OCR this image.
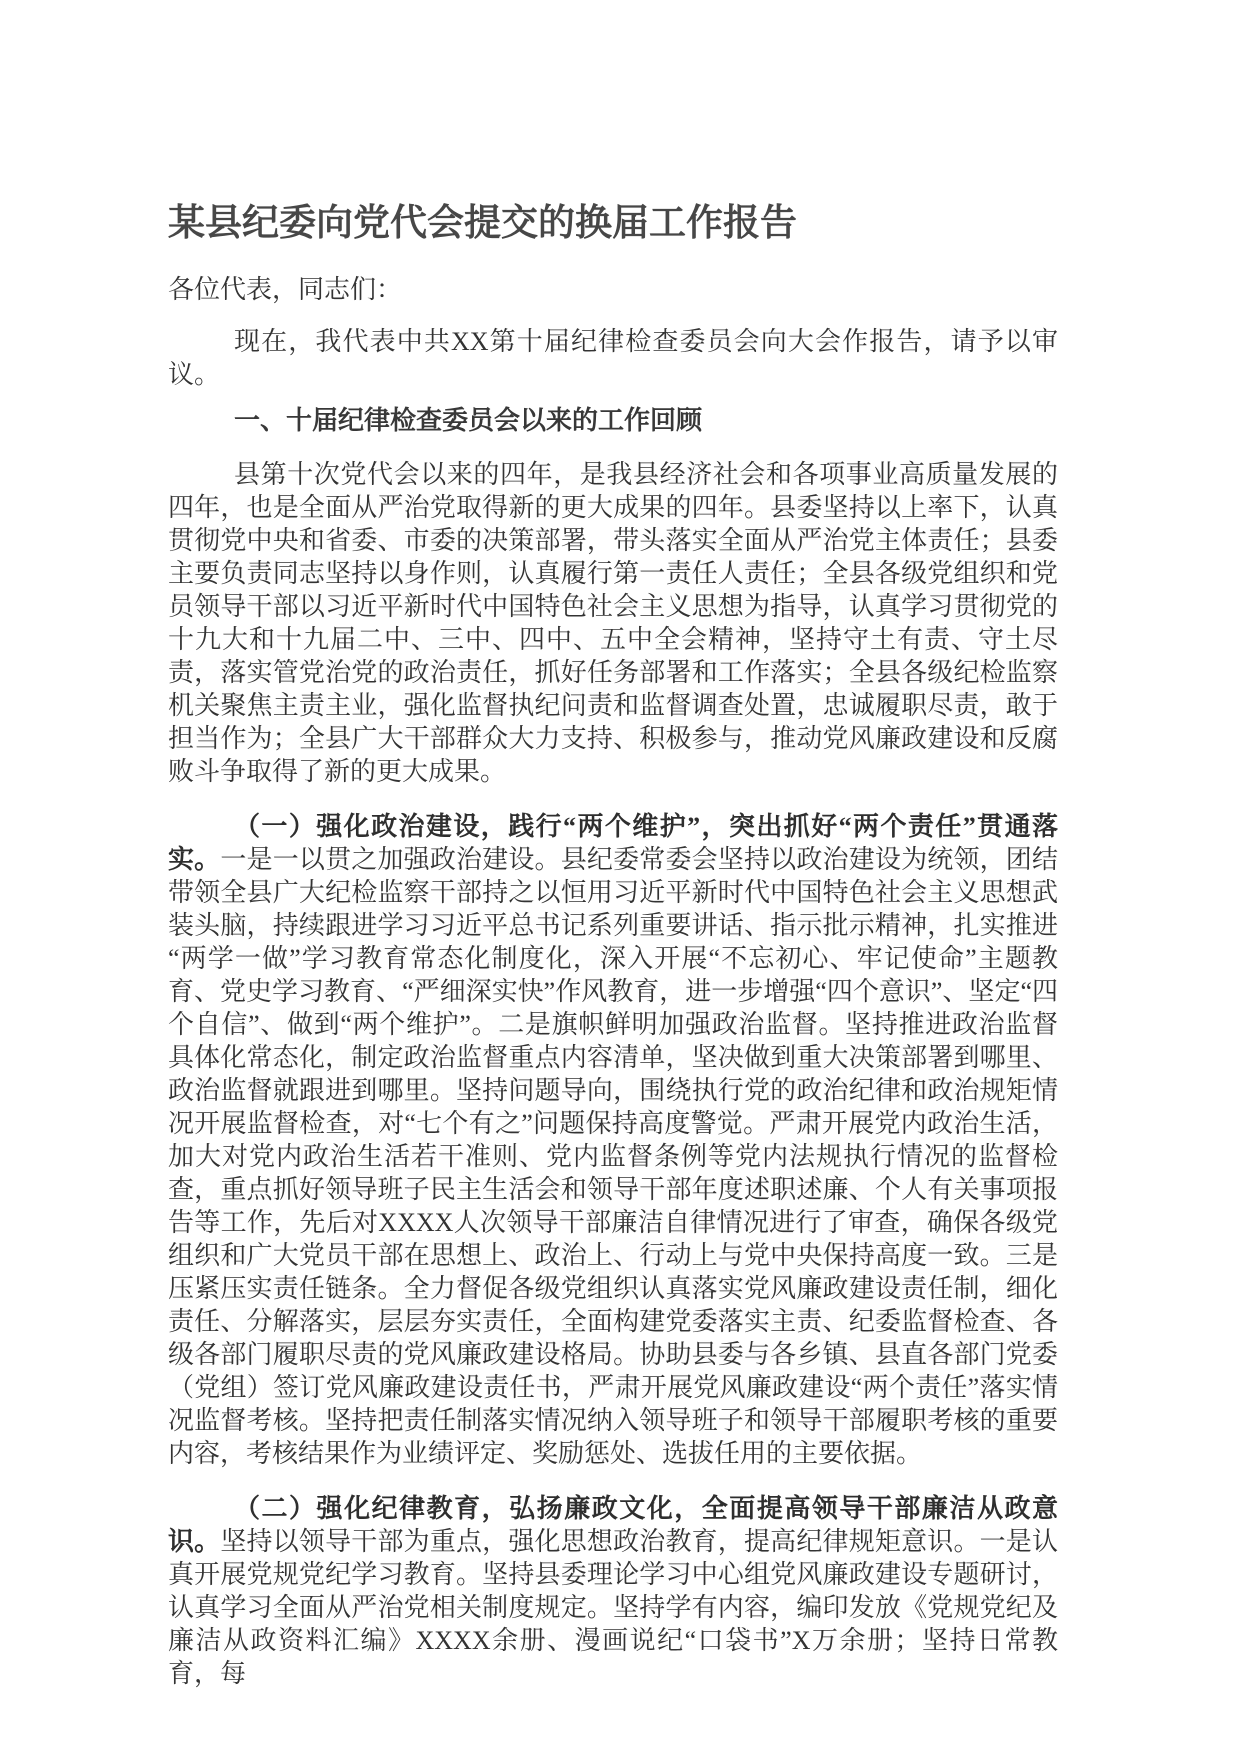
某县纪委向党代会提交的换届工作报告

各位代表，同志们：

现在，我代表中共XX第十届纪律检查委员会向大会作报告，请予以审议。

一、十届纪律检查委员会以来的工作回顾

县第十次党代会以来的四年，是我县经济社会和各项事业高质量发展的四年，也是全面从严治党取得新的更大成果的四年。县委坚持以上率下，认真贯彻党中央和省委、市委的决策部署，带头落实全面从严治党主体责任；县委主要负责同志坚持以身作则，认真履行第一责任人责任；全县各级党组织和党员领导干部以习近平新时代中国特色社会主义思想为指导，认真学习贯彻党的十九大和十九届二中、三中、四中、五中全会精神，坚持守土有责、守土尽责，落实管党治党的政治责任，抓好任务部署和工作落实；全县各级纪检监察机关聚焦主责主业，强化监督执纪问责和监督调查处置，忠诚履职尽责，敢于担当作为；全县广大干部群众大力支持、积极参与，推动党风廉政建设和反腐败斗争取得了新的更大成果。

（一）强化政治建设，践行“两个维护”，突出抓好“两个责任”贯通落实。一是一以贯之加强政治建设。县纪委常委会坚持以政治建设为统领，团结带领全县广大纪检监察干部持之以恒用习近平新时代中国特色社会主义思想武装头脑，持续跟进学习习近平总书记系列重要讲话、指示批示精神，扎实推进“两学一做”学习教育常态化制度化，深入开展“不忘初心、牢记使命”主题教育、党史学习教育、“严细深实快”作风教育，进一步增强“四个意识”、坚定“四个自信”、做到“两个维护”。二是旗帜鲜明加强政治监督。坚持推进政治监督具体化常态化，制定政治监督重点内容清单，坚决做到重大决策部署到哪里、政治监督就跟进到哪里。坚持问题导向，围绕执行党的政治纪律和政治规矩情况开展监督检查，对“七个有之”问题保持高度警觉。严肃开展党内政治生活，加大对党内政治生活若干准则、党内监督条例等党内法规执行情况的监督检查，重点抓好领导班子民主生活会和领导干部年度述职述廉、个人有关事项报告等工作，先后对XXXX人次领导干部廉洁自律情况进行了审查，确保各级党组织和广大党员干部在思想上、政治上、行动上与党中央保持高度一致。三是压紧压实责任链条。全力督促各级党组织认真落实党风廉政建设责任制，细化责任、分解落实，层层夯实责任，全面构建党委落实主责、纪委监督检查、各级各部门履职尽责的党风廉政建设格局。协助县委与各乡镇、县直各部门党委（党组）签订党风廉政建设责任书，严肃开展党风廉政建设“两个责任”落实情况监督考核。坚持把责任制落实情况纳入领导班子和领导干部履职考核的重要内容，考核结果作为业绩评定、奖励惩处、选拔任用的主要依据。

（二）强化纪律教育，弘扬廉政文化，全面提高领导干部廉洁从政意识。坚持以领导干部为重点，强化思想政治教育，提高纪律规矩意识。一是认真开展党规党纪学习教育。坚持县委理论学习中心组党风廉政建设专题研讨，认真学习全面从严治党相关制度规定。坚持学有内容，编印发放《党规党纪及廉洁从政资料汇编》XXXX余册、漫画说纪“口袋书”X万余册；坚持日常教育，每
